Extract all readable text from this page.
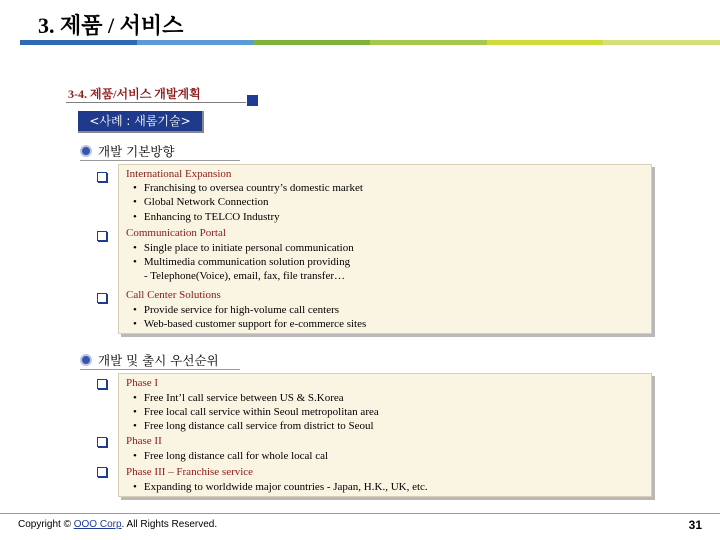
3. 제품 / 서비스
3-4. 제품/서비스 개발계획
<사례 : 새롬기술>
개발 기본방향
International Expansion
• Franchising to oversea country’s domestic market
• Global Network Connection
• Enhancing to TELCO Industry
Communication Portal
• Single place to initiate personal communication
• Multimedia communication solution providing
- Telephone(Voice), email, fax, file transfer…
Call Center Solutions
• Provide service for high-volume call centers
• Web-based customer support for e-commerce sites
개발 및 출시 우선순위
Phase I
• Free Int’l call service between US & S.Korea
• Free local call service within Seoul metropolitan area
• Free long distance call service from district to Seoul
Phase II
• Free long distance call for whole local cal
Phase III – Franchise service
• Expanding to worldwide major countries - Japan, H.K., UK, etc.
Copyright © OOO Corp. All Rights Reserved.	31
